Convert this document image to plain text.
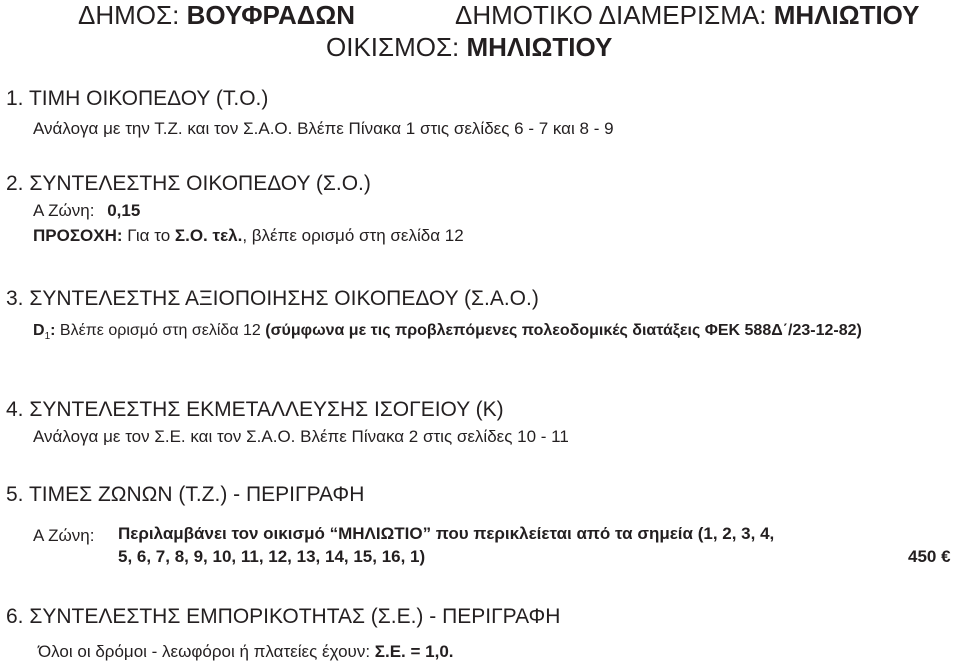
ΔΗΜΟΣ: ΒΟΥΦΡΑΔΩΝ	ΔΗΜΟΤΙΚΟ ΔΙΑΜΕΡΙΣΜΑ: ΜΗΛΙΩΤΙΟΥ
ΟΙΚΙΣΜΟΣ: ΜΗΛΙΩΤΙΟΥ
1. ΤΙΜΗ ΟΙΚΟΠΕΔΟΥ (Τ.Ο.)
Ανάλογα με την Τ.Ζ. και τον Σ.Α.Ο. Βλέπε Πίνακα 1 στις σελίδες 6 - 7 και 8 - 9
2. ΣΥΝΤΕΛΕΣΤΗΣ ΟΙΚΟΠΕΔΟΥ (Σ.Ο.)
Α Ζώνη: 0,15
ΠΡΟΣΟΧΗ: Για το Σ.Ο. τελ., βλέπε ορισμό στη σελίδα 12
3. ΣΥΝΤΕΛΕΣΤΗΣ ΑΞΙΟΠΟΙΗΣΗΣ ΟΙΚΟΠΕΔΟΥ (Σ.Α.Ο.)
$D_1$: Βλέπε ορισμό στη σελίδα 12 (σύμφωνα με τις προβλεπόμενες πολεοδομικές διατάξεις ΦΕΚ 588Δ΄/23-12-82)
4. ΣΥΝΤΕΛΕΣΤΗΣ ΕΚΜΕΤΑΛΛΕΥΣΗΣ ΙΣΟΓΕΙΟΥ (Κ)
Ανάλογα με τον Σ.Ε. και τον Σ.Α.Ο. Βλέπε Πίνακα 2 στις σελίδες 10 - 11
5. ΤΙΜΕΣ ΖΩΝΩΝ (Τ.Ζ.) - ΠΕΡΙΓΡΑΦΗ
Α Ζώνη: Περιλαμβάνει τον οικισμό “ΜΗΛΙΩΤΙΟ” που περικλείεται από τα σημεία (1, 2, 3, 4,
5, 6, 7, 8, 9, 10, 11, 12, 13, 14, 15, 16, 1)	450 €
6. ΣΥΝΤΕΛΕΣΤΗΣ ΕΜΠΟΡΙΚΟΤΗΤΑΣ (Σ.Ε.) - ΠΕΡΙΓΡΑΦΗ
Όλοι οι δρόμοι - λεωφόροι ή πλατείες έχουν: Σ.Ε. = 1,0.
